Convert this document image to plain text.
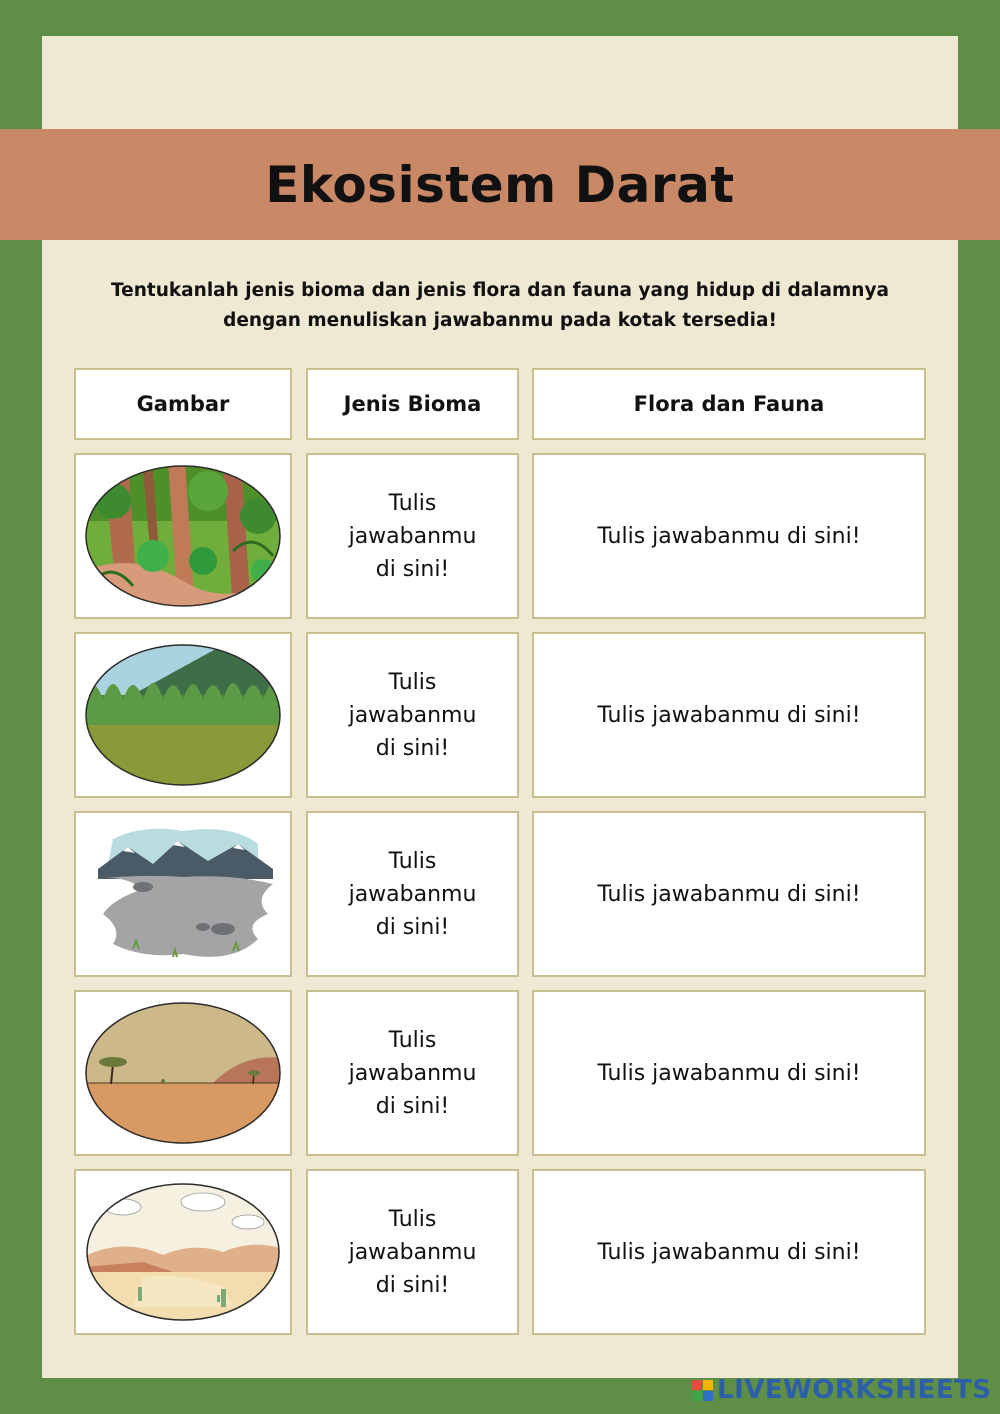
Ekosistem Darat

Tentukanlah jenis bioma dan jenis flora dan fauna yang hidup di dalamnya

dengan menuliskan jawabanmu pada kotak tersedia!

Gambar	Jenis Bioma	Flora dan Fauna
Tulis
jawabanmu
di sini!
Tulis jawabanmu di sini!
Tulis
jawabanmu
di sini!
Tulis jawabanmu di sini!
Tulis
jawabanmu
di sini!
Tulis jawabanmu di sini!
Tulis
jawabanmu
di sini!
Tulis jawabanmu di sini!
Tulis
jawabanmu
di sini!
Tulis jawabanmu di sini!
LIVEWORKSHEETS
